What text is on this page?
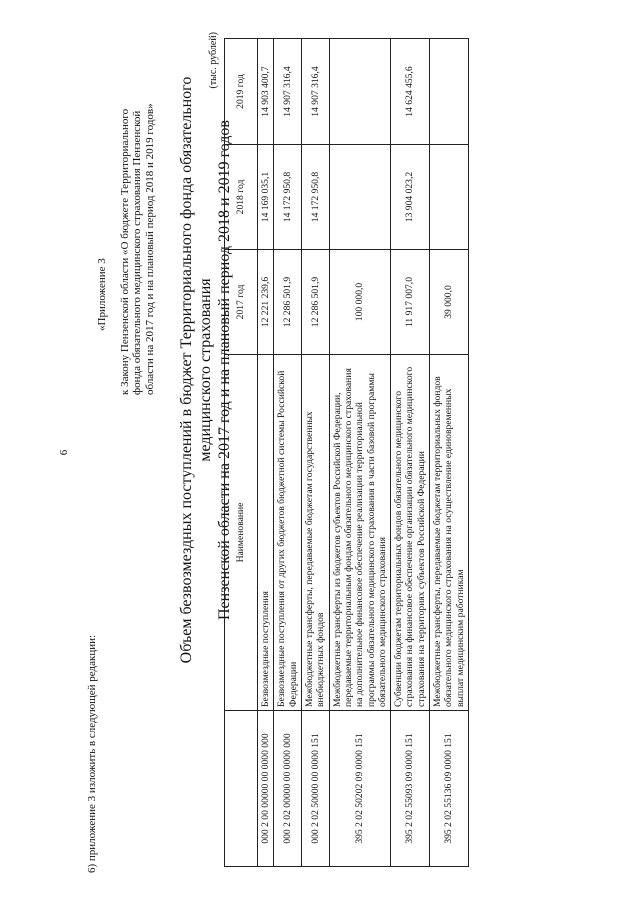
6
6) приложение 3 изложить в следующей редакции:
«Приложение 3 к Закону Пензенской области «О бюджете Территориального фонда обязательного медицинского страхования Пензенской области на 2017 год и на плановый период 2018 и 2019 годов» Объем безвозмездных поступлений в бюджет Территориального фонда обязательного медицинского страхования Пензенской области на 2017 год и на плановый период 2018 и 2019 годов
(тыс. рублей)
	Наименование	2017 год	2018 год	2019 год
000 2 00 00000 00 0000 000	Безвозмездные поступления	12 221 239,6	14 169 035,1	14 903 400,7
000 2 02 00000 00 0000 000	Безвозмездные поступления от других бюджетов бюджетной системы Российской Федерации	12 286 501,9	14 172 950,8	14 907 316,4
000 2 02 50000 00 0000 151	Межбюджетные трансферты, передаваемые бюджетам государственных внебюджетных фондов	12 286 501,9	14 172 950,8	14 907 316,4
395 2 02 50202 09 0000 151	Межбюджетные трансферты из бюджетов субъектов Российской Федерации, передаваемые территориальным фондам обязательного медицинского страхования на дополнительное финансовое обеспечение реализации территориальной программы обязательного медицинского страхования в части базовой программы обязательного медицинского страхования	100 000,0		
395 2 02 55093 09 0000 151	Субвенции бюджетам территориальных фондов обязательного медицинского страхования на финансовое обеспечение организации обязательного медицинского страхования на территориях субъектов Российской Федерации	11 917 007,0	13 904 023,2	14 624 455,6
395 2 02 55136 09 0000 151	Межбюджетные трансферты, передаваемые бюджетам территориальных фондов обязательного медицинского страхования на осуществление единовременных выплат медицинским работникам	39 000,0		
